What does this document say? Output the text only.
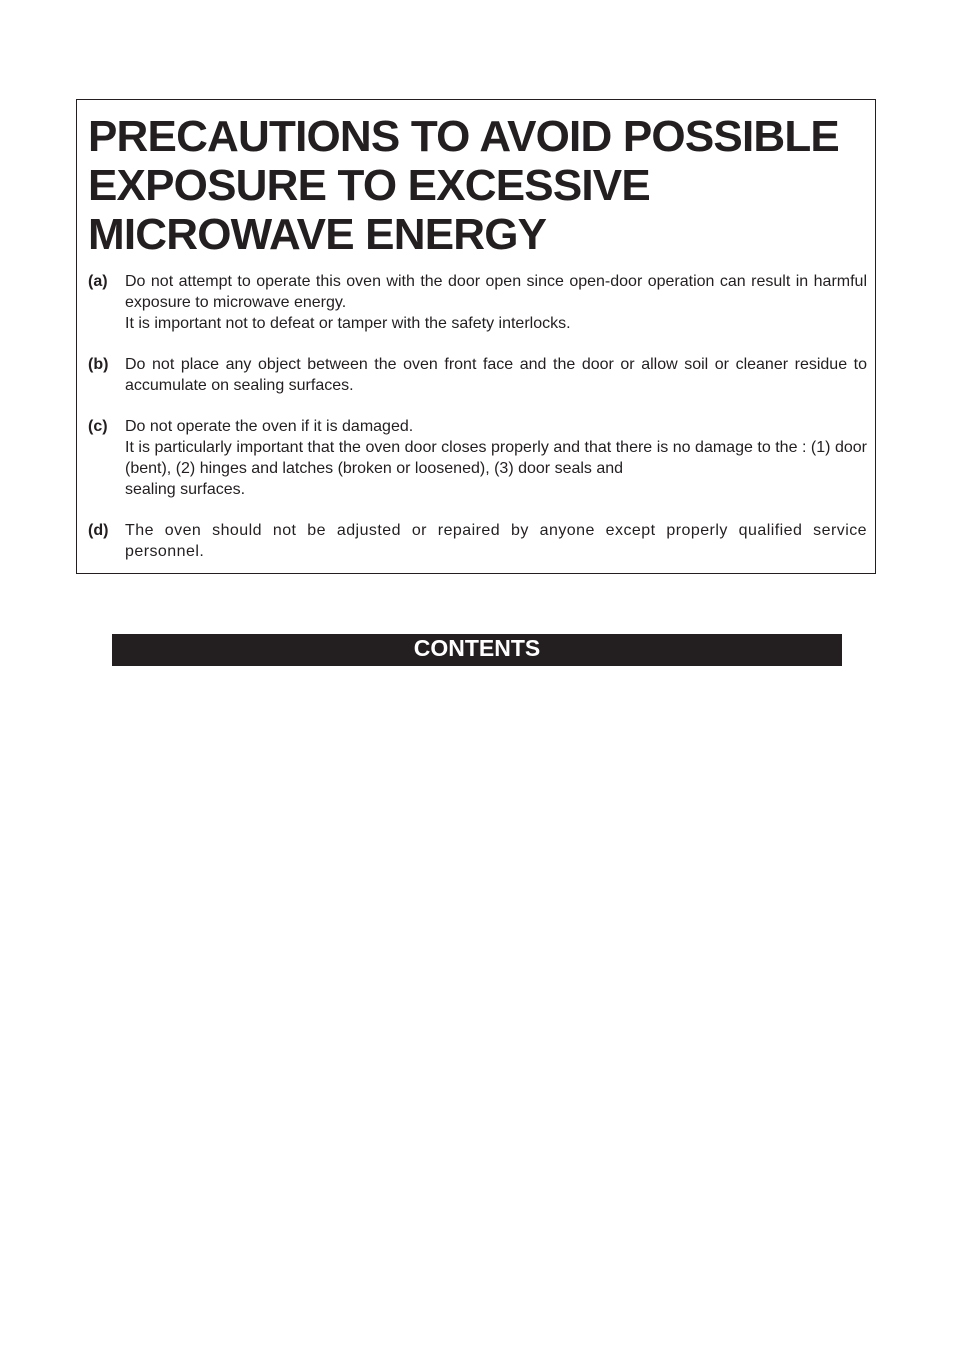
PRECAUTIONS TO AVOID POSSIBLE
EXPOSURE TO EXCESSIVE
MICROWAVE ENERGY
(a) Do not attempt to operate this oven with the door open since open-door operation can result in harmful exposure to microwave energy.

It is important not to defeat or tamper with the safety interlocks.

(b) Do not place any object between the oven front face and the door or allow soil or cleaner residue to accumulate on sealing surfaces.

(c) Do not operate the oven if it is damaged.

It is particularly important that the oven door closes properly and that there is no damage to the : (1) door (bent), (2) hinges and latches (broken or loosened), (3) door seals and

sealing surfaces.

(d) The oven should not be adjusted or repaired by anyone except properly qualified service personnel.

CONTENTS
